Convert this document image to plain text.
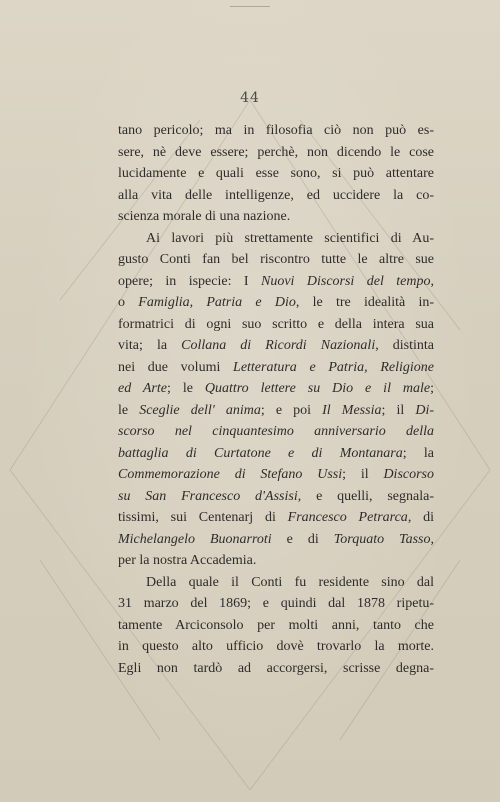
44
tano pericolo; ma in filosofia ciò non può es-
sere, nè deve essere; perchè, non dicendo le cose
lucidamente e quali esse sono, si può attentare
alla vita delle intelligenze, ed uccidere la co-
scienza morale di una nazione.
Ai lavori più strettamente scientifici di Au-
gusto Conti fan bel riscontro tutte le altre sue
opere; in ispecie: I Nuovi Discorsi del tempo,
o Famiglia, Patria e Dio, le tre idealità in-
formatrici di ogni suo scritto e della intera sua
vita; la Collana di Ricordi Nazionali, distinta
nei due volumi Letteratura e Patria, Religione
ed Arte; le Quattro lettere su Dio e il male;
le Sceglie dell' anima; e poi Il Messia; il Di-
scorso nel cinquantesimo anniversario della
battaglia di Curtatone e di Montanara; la
Commemorazione di Stefano Ussi; il Discorso
su San Francesco d'Assisi, e quelli, segnala-
tissimi, sui Centenarj di Francesco Petrarca, di
Michelangelo Buonarroti e di Torquato Tasso,
per la nostra Accademia.
Della quale il Conti fu residente sino dal
31 marzo del 1869; e quindi dal 1878 ripetu-
tamente Arciconsolo per molti anni, tanto che
in questo alto ufficio dovè trovarlo la morte.
Egli non tardò ad accorgersi, scrisse degna-
